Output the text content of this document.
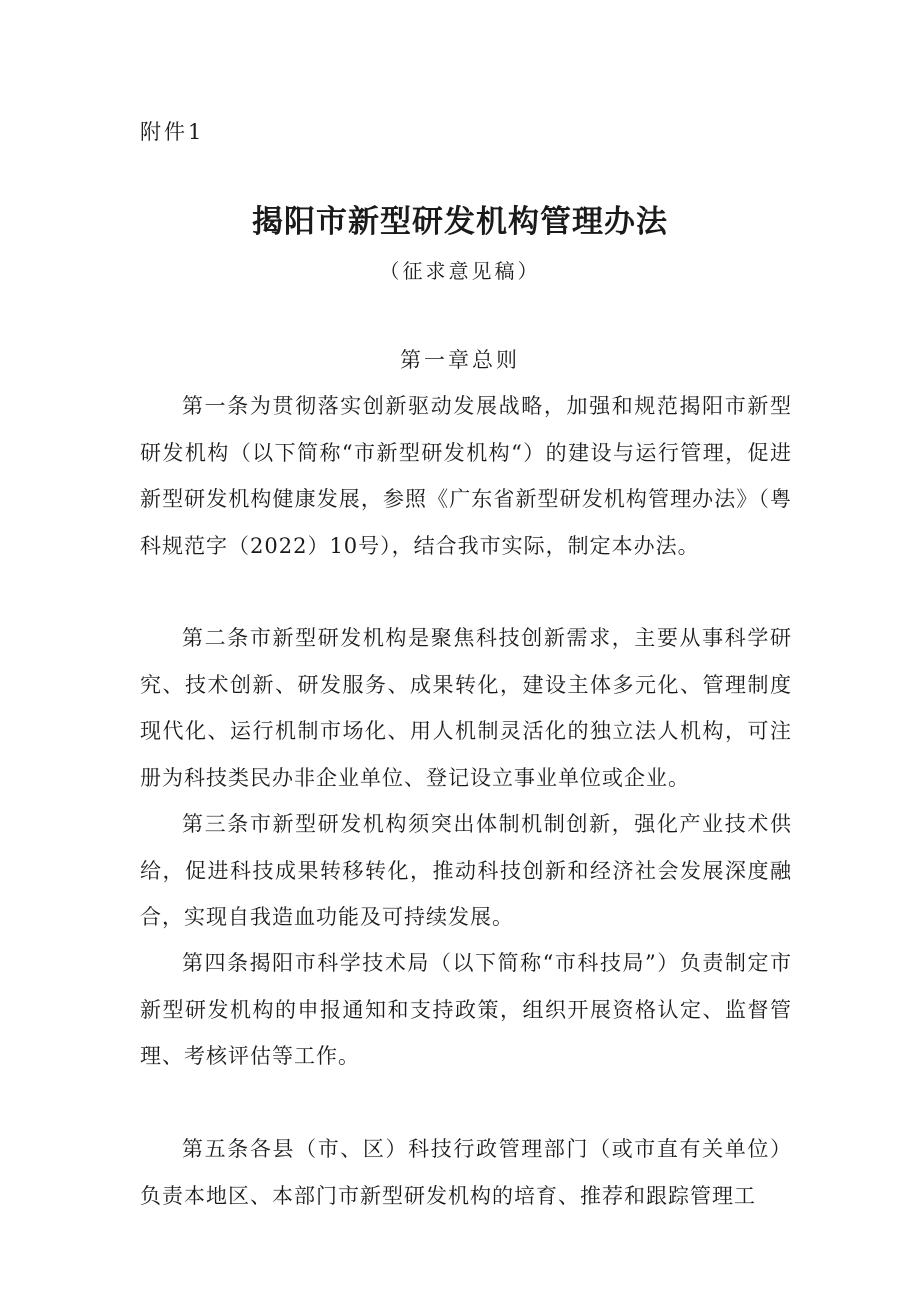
附件1
揭阳市新型研发机构管理办法
（征求意见稿）
第一章总则

第一条为贯彻落实创新驱动发展战略，加强和规范揭阳市新型研发机构（以下简称“市新型研发机构“）的建设与运行管理，促进新型研发机构健康发展，参照《广东省新型研发机构管理办法》（粤科规范字（2022）10号），结合我市实际，制定本办法。

第二条市新型研发机构是聚焦科技创新需求，主要从事科学研究、技术创新、研发服务、成果转化，建设主体多元化、管理制度现代化、运行机制市场化、用人机制灵活化的独立法人机构，可注册为科技类民办非企业单位、登记设立事业单位或企业。

第三条市新型研发机构须突出体制机制创新，强化产业技术供给，促进科技成果转移转化，推动科技创新和经济社会发展深度融合，实现自我造血功能及可持续发展。

第四条揭阳市科学技术局（以下简称“市科技局”）负责制定市新型研发机构的申报通知和支持政策，组织开展资格认定、监督管理、考核评估等工作。

第五条各县（市、区）科技行政管理部门（或市直有关单位）负责本地区、本部门市新型研发机构的培育、推荐和跟踪管理工
